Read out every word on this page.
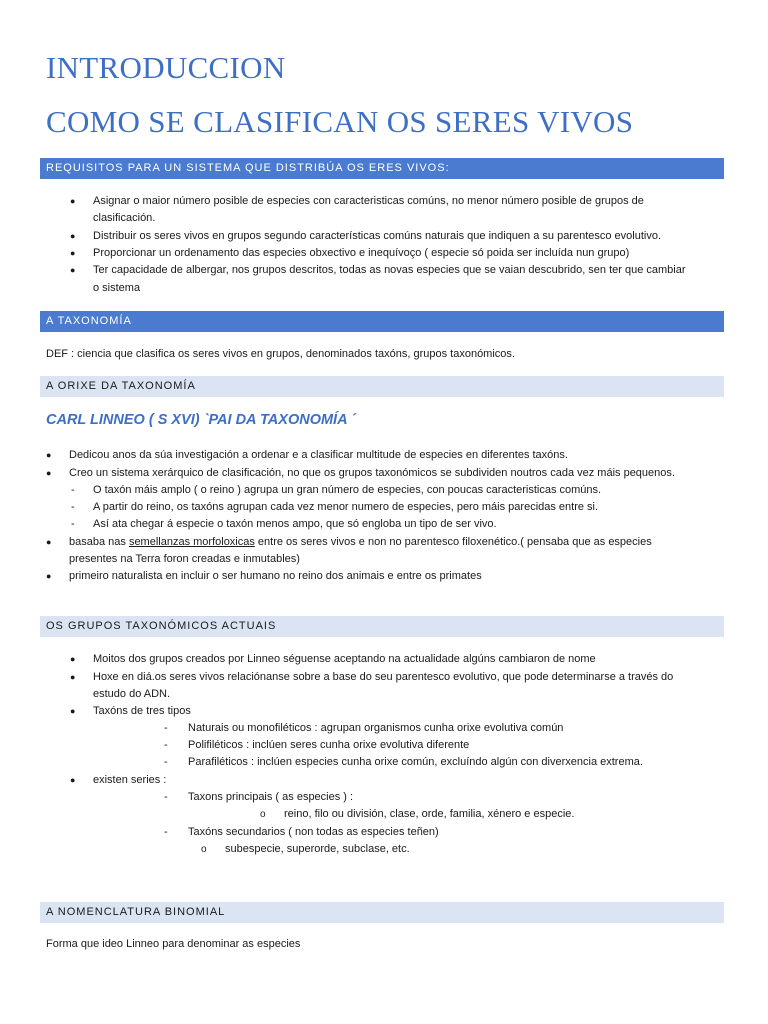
INTRODUCCION
COMO SE CLASIFICAN OS SERES VIVOS
REQUISITOS PARA UN SISTEMA QUE DISTRIBÚA OS ERES VIVOS:
● Asignar o maior número posible de especies con caracteristicas comúns, no menor número posible de grupos de
clasificación.
● Distribuir os seres vivos en grupos segundo características comúns naturais que indiquen a su parentesco evolutivo.
● Proporcionar un ordenamento das especies obxectivo e inequívoço ( especie só poida ser incluída nun grupo)
● Ter capacidade de albergar, nos grupos descritos, todas as novas especies que se vaian descubrido, sen ter que cambiar
o sistema
A TAXONOMÍA
DEF : ciencia que clasifica os seres vivos en grupos, denominados taxóns, grupos taxonómicos.
A ORIXE DA TAXONOMÍA
CARL LINNEO ( S XVI) `PAI DA TAXONOMÍA ´
● Dedicou anos da súa investigación a ordenar e a clasificar multitude de especies en diferentes taxóns.
● Creo un sistema xerárquico de clasificación, no que os grupos taxonómicos se subdividen noutros cada vez máis pequenos.
- O taxón máis amplo ( o reino ) agrupa un gran número de especies, con poucas caracteristicas comúns.
- A partir do reino, os taxóns agrupan cada vez menor numero de especies, pero máis parecidas entre si.
- Así ata chegar á especie o taxón menos ampo, que só engloba un tipo de ser vivo.
● basaba nas semellanzas morfoloxicas entre os seres vivos e non no parentesco filoxenético.( pensaba que as especies
presentes na Terra foron creadas e inmutables)
● primeiro naturalista en incluir o ser humano no reino dos animais e entre os primates
OS GRUPOS TAXONÓMICOS ACTUAIS
● Moitos dos grupos creados por Linneo séguense aceptando na actualidade algúns cambiaron de nome
● Hoxe en diá.os seres vivos relaciónanse sobre a base do seu parentesco evolutivo, que pode determinarse a través do
estudo do ADN.
● Taxóns de tres tipos
- Naturais ou monofiléticos : agrupan organismos cunha orixe evolutiva común
- Polifiléticos : inclúen seres cunha orixe evolutiva diferente
- Parafiléticos : inclúen especies cunha orixe común, excluíndo algún con diverxencia extrema.
● existen series :
- Taxons principais ( as especies ) :
o reino, filo ou división, clase, orde, familia, xénero e especie.
- Taxóns secundarios ( non todas as especies teñen)
o subespecie, superorde, subclase, etc.
A NOMENCLATURA BINOMIAL
Forma que ideo Linneo para denominar as especies
